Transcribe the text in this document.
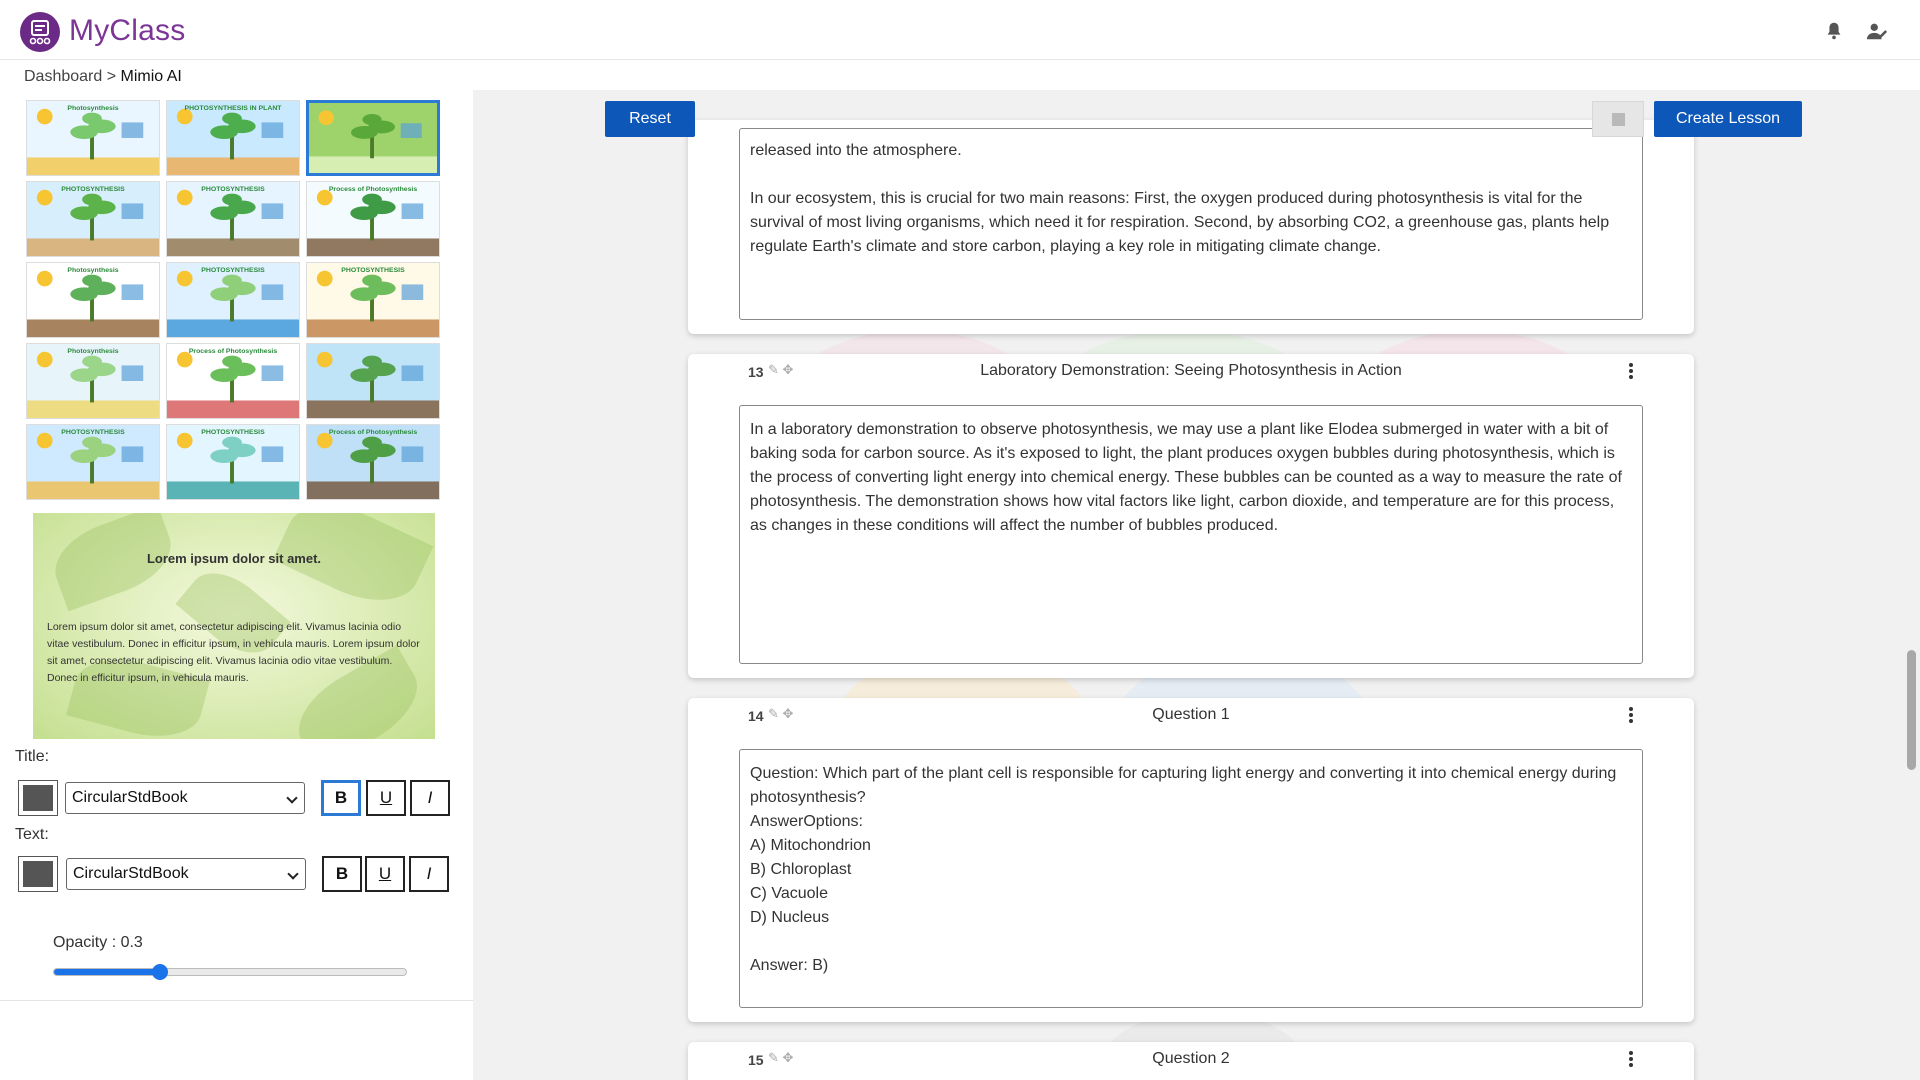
MyClass
Dashboard > Mimio AI
released into the atmosphere.

In our ecosystem, this is crucial for two main reasons: First, the oxygen produced during photosynthesis is vital for the survival of most living organisms, which need it for respiration. Second, by absorbing CO2, a greenhouse gas, plants help regulate Earth's climate and store carbon, playing a key role in mitigating climate change.
13 ✎ ✥	Laboratory Demonstration: Seeing Photosynthesis in Action
In a laboratory demonstration to observe photosynthesis, we may use a plant like Elodea submerged in water with a bit of baking soda for carbon source. As it's exposed to light, the plant produces oxygen bubbles during photosynthesis, which is the process of converting light energy into chemical energy. These bubbles can be counted as a way to measure the rate of photosynthesis. The demonstration shows how vital factors like light, carbon dioxide, and temperature are for this process, as changes in these conditions will affect the number of bubbles produced.
14 ✎ ✥	Question 1
Question: Which part of the plant cell is responsible for capturing light energy and converting it into chemical energy during photosynthesis?
AnswerOptions:
A) Mitochondrion
B) Chloroplast
C) Vacuole
D) Nucleus

Answer: B)
15 ✎ ✥	Question 2
Reset	Create Lesson
Photosynthesis	PHOTOSYNTHESIS IN PLANT
PHOTOSYNTHESIS	PHOTOSYNTHESIS	Process of Photosynthesis
Photosynthesis	PHOTOSYNTHESIS	PHOTOSYNTHESIS
Photosynthesis	Process of Photosynthesis
PHOTOSYNTHESIS	PHOTOSYNTHESIS	Process of Photosynthesis
Lorem ipsum dolor sit amet.
Lorem ipsum dolor sit amet, consectetur adipiscing elit. Vivamus lacinia odio vitae vestibulum. Donec in efficitur ipsum, in vehicula mauris. Lorem ipsum dolor sit amet, consectetur adipiscing elit. Vivamus lacinia odio vitae vestibulum. Donec in efficitur ipsum, in vehicula mauris.
Title:
CircularStdBook	B	U	I
Text:
CircularStdBook	B	U	I
Opacity : 0.3
